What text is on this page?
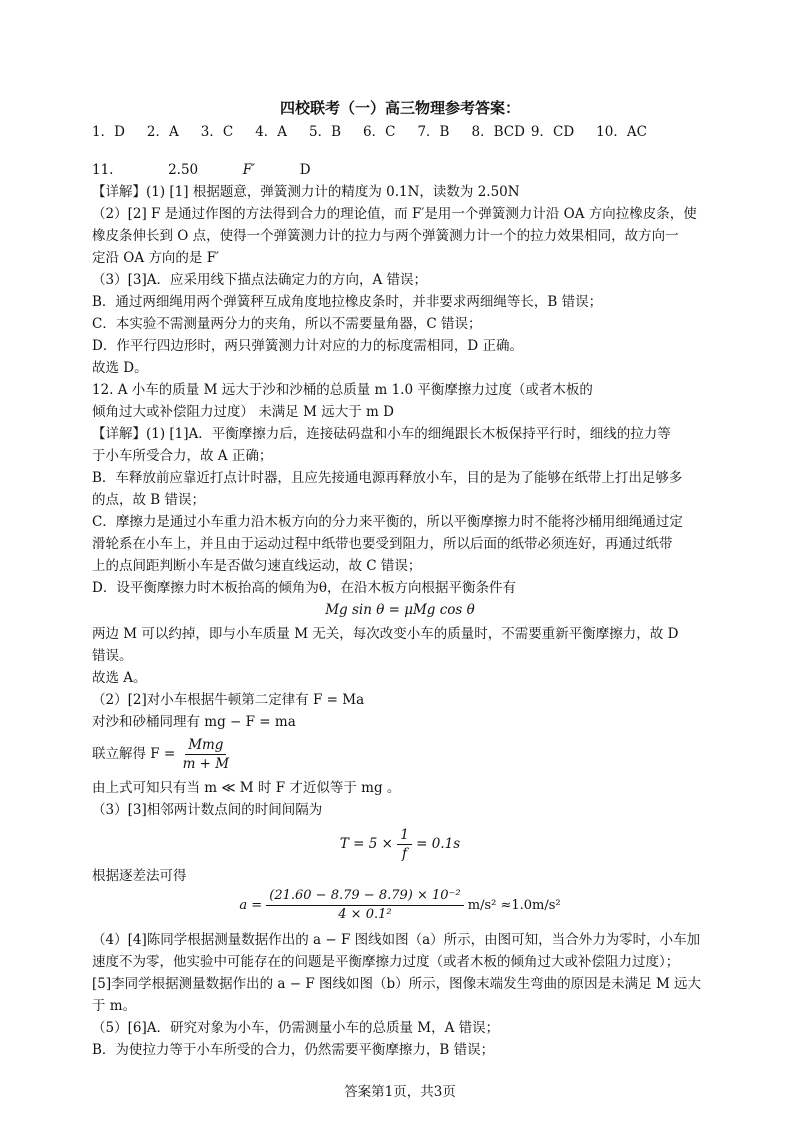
四校联考（一）高三物理参考答案：
1．D 2．A 3．C 4．A 5．B 6．C 7．B 8．BCD 9．CD 10．AC
11.	2.50	F′	D
【详解】(1) [1] 根据题意，弹簧测力计的精度为 0.1N，读数为 2.50N
（2）[2] F 是通过作图的方法得到合力的理论值，而 F′是用一个弹簧测力计沿 OA 方向拉橡皮条，使
橡皮条伸长到 O 点，使得一个弹簧测力计的拉力与两个弹簧测力计一个的拉力效果相同，故方向一
定沿 OA 方向的是 F′
（3）[3]A．应采用线下描点法确定力的方向，A 错误；
B．通过两细绳用两个弹簧秤互成角度地拉橡皮条时，并非要求两细绳等长，B 错误；
C．本实验不需测量两分力的夹角，所以不需要量角器，C 错误；
D．作平行四边形时，两只弹簧测力计对应的力的标度需相同，D 正确。
故选 D。
12. A 小车的质量 M 远大于沙和沙桶的总质量 m 1.0 平衡摩擦力过度（或者木板的
倾角过大或补偿阻力过度） 未满足 M 远大于 m D
【详解】(1) [1]A．平衡摩擦力后，连接砝码盘和小车的细绳跟长木板保持平行时，细线的拉力等
于小车所受合力，故 A 正确；
B．车释放前应靠近打点计时器，且应先接通电源再释放小车，目的是为了能够在纸带上打出足够多
的点，故 B 错误；
C．摩擦力是通过小车重力沿木板方向的分力来平衡的，所以平衡摩擦力时不能将沙桶用细绳通过定
滑轮系在小车上，并且由于运动过程中纸带也要受到阻力，所以后面的纸带必须连好，再通过纸带
上的点间距判断小车是否做匀速直线运动，故 C 错误；
D．设平衡摩擦力时木板抬高的倾角为θ，在沿木板方向根据平衡条件有
Mg sin θ = μMg cos θ
两边 M 可以约掉，即与小车质量 M 无关，每次改变小车的质量时，不需要重新平衡摩擦力，故 D
错误。
故选 A。
（2）[2]对小车根据牛顿第二定律有 F = Ma
对沙和砂桶同理有 mg − F = ma
联立解得 $F = \frac{\text{Mmg}}{m + M}$
由上式可知只有当 m ≪ M 时 F 才近似等于 mg 。
（3）[3]相邻两计数点间的时间间隔为
$T = 5 \times \frac{1}{f} = 0.1s$
根据逐差法可得
$a = \frac{\text{(21.60 − 8.79 − 8.79) × 10⁻²}}{\text{4 × 0.1²}} m/s^2 \approx 1.0m/s^2$
（4）[4]陈同学根据测量数据作出的 a − F 图线如图（a）所示，由图可知，当合外力为零时，小车加
速度不为零，他实验中可能存在的问题是平衡摩擦力过度（或者木板的倾角过大或补偿阻力过度）；
[5]李同学根据测量数据作出的 a − F 图线如图（b）所示，图像末端发生弯曲的原因是未满足 M 远大
于 m。
（5）[6]A．研究对象为小车，仍需测量小车的总质量 M，A 错误；
B．为使拉力等于小车所受的合力，仍然需要平衡摩擦力，B 错误；
答案第1页，共3页
